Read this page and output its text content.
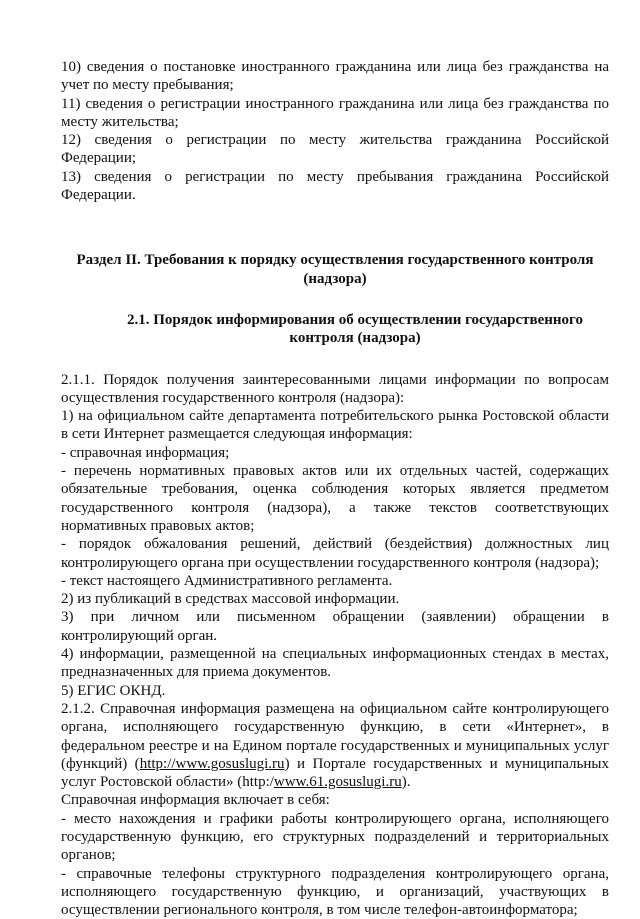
10) сведения о постановке иностранного гражданина или лица без гражданства на учет по месту пребывания;

11) сведения о регистрации иностранного гражданина или лица без гражданства по месту жительства;

12) сведения о регистрации по месту жительства гражданина Российской Федерации;

13) сведения о регистрации по месту пребывания гражданина Российской Федерации.

Раздел II. Требования к порядку осуществления государственного контроля (надзора)

2.1. Порядок информирования об осуществлении государственного контроля (надзора)

2.1.1. Порядок получения заинтересованными лицами информации по вопросам осуществления государственного контроля (надзора):

1) на официальном сайте департамента потребительского рынка Ростовской области в сети Интернет размещается следующая информация:

- справочная информация;

- перечень нормативных правовых актов или их отдельных частей, содержащих обязательные требования, оценка соблюдения которых является предметом государственного контроля (надзора), а также текстов соответствующих нормативных правовых актов;

- порядок обжалования решений, действий (бездействия) должностных лиц контролирующего органа при осуществлении государственного контроля (надзора);

- текст настоящего Административного регламента.

2) из публикаций в средствах массовой информации.

3) при личном или письменном обращении (заявлении) обращении в контролирующий орган.

4) информации, размещенной на специальных информационных стендах в местах, предназначенных для приема документов.

5) ЕГИС ОКНД.

2.1.2. Справочная информация размещена на официальном сайте контролирующего органа, исполняющего государственную функцию, в сети «Интернет», в федеральном реестре и на Едином портале государственных и муниципальных услуг (функций) (http://www.gosuslugi.ru) и Портале государственных и муниципальных услуг Ростовской области» (http:/www.61.gosuslugi.ru).

Справочная информация включает в себя:

- место нахождения и графики работы контролирующего органа, исполняющего государственную функцию, его структурных подразделений и территориальных органов;

- справочные телефоны структурного подразделения контролирующего органа, исполняющего государственную функцию, и организаций, участвующих в осуществлении регионального контроля, в том числе телефон-автоинформатора;
